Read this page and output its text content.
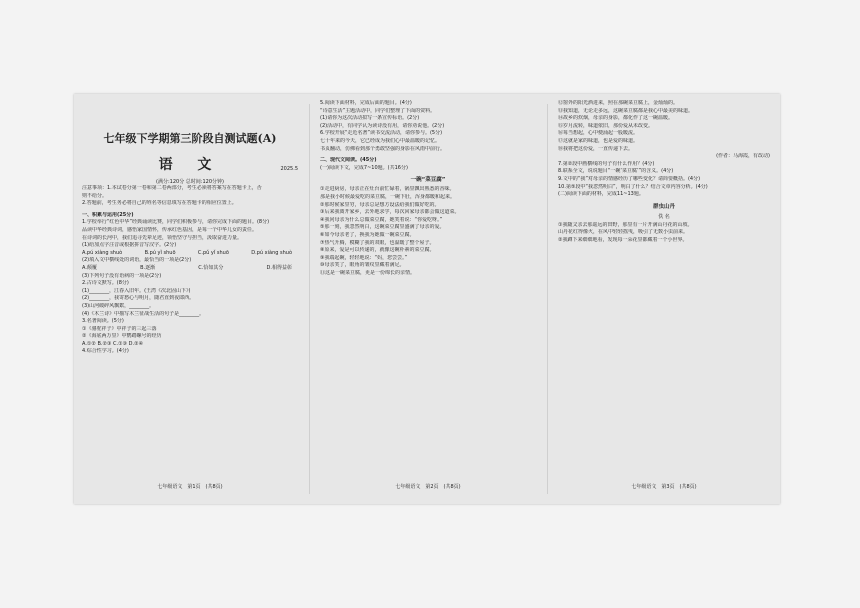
七年级下学期第三阶段自测试题(A)
语 文	2025.5
(满分:120分 总时间:120分钟)
注意事项：1.本试卷分第一卷和第二卷两部分，考生必须将答案写在答题卡上，否
则不给分。
2.答题前，考生务必将自己的姓名等信息填写在答题卡的相应位置上。
一、积累与运用(25分)
1.学校举行“红色中华”经典诵读比赛，同学们积极参与，请你完成下面的题目。(8分)
品读中华经典诗词，感悟家国情怀，传承红色基因，是每一个中华儿女的责任。
在诗词的长河中，我们追寻先辈足迹，领悟坚守与担当，汲取奋进力量。
(1)给加点字注音或根据拼音写汉字。(2分)
A.pú xiàng shuò	B.pú yǐ shuō	C.pǔ yǐ shuō	D.pú xiàng shuò
(2)填入文中横线处的词语，最恰当的一项是(2分)
A.颠覆	B.逐渐	C.恰如其分	D.相得益彰
(3)下列句子没有语病的一项是(2分)
2.古诗文默写。(8分)
(1)________，江春入旧年。(王湾《次北固山下》)
(2)________，我寄愁心与明月，随君直到夜郎西。
(3)山河破碎风飘絮，________。
(4)《木兰诗》中描写木兰征战生活的句子是________。
3.名著阅读。(5分)
①《骆驼祥子》中祥子的三起三落
②《海底两万里》中鹦鹉螺号的经历
A.①② B.②③ C.①③ D.②④
4.综合性学习。(4分)
七年级语文　第1页　(共8页)
5.阅读下面材料，完成后面的题目。(4分)
“诗意生活”主题活动中，同学们整理了下面的资料。
(1)请你为这次活动拟写一条宣传标语。(2分)
(2)活动中，有同学认为读诗没有用，请你劝说他。(2分)
6.学校开展“走近名著”读书交流活动，请你参与。(5分)
七十年来的今天，它已经成为我们心中最温暖的记忆。
书页翻动，仿佛看到那个勇敢坚强的身影在风雨中前行。
二、现代文阅读。(45分)
(一)阅读下文，完成7~10题。(共16分)
一碗“菜豆腐”
①走进厨房，母亲正在灶台前忙碌着，锅里飘出熟悉的香味。
那是我小时候最爱吃的菜豆腐，一碗下肚，浑身都暖和起来。
②那时候家里穷，母亲总是想方设法给我们做好吃的。
③后来我离开家乡，去外地求学，每次回家母亲都会做这道菜。
④我问母亲为什么总做菜豆腐，她笑着说：“你爱吃呀。”
⑤那一刻，我忽然明白，这碗菜豆腐里盛满了母亲的爱。
⑥如今母亲老了，换我为她做一碗菜豆腐。
⑦热气升腾，模糊了我的双眼，也温暖了整个屋子。
⑧原来，爱是可以传递的，就像这碗朴素的菜豆腐。
⑨我端起碗，轻轻地说：“妈，您尝尝。”
⑩母亲笑了，眼角的皱纹里藏着满足。
⑪这是一碗菜豆腐，更是一份绵长的亲情。
七年级语文　第2页　(共8页)
⑫窗外的阳光洒进来，照在那碗菜豆腐上，金灿灿的。
⑬我知道，无论走多远，这碗菜豆腐都是我心中最美的味道。
⑭故乡的炊烟，母亲的身影，都化作了这一碗温暖。
⑮岁月流转，味道依旧，那份爱从未改变。
⑯每当想起，心中便涌起一股暖流。
⑰这就是家的味道，也是爱的味道。
⑱我将把这份爱，一直传递下去。
(作者：马海霞，有改动)
7.第②段中画横线的句子有什么作用？(4分)
8.联系全文，说说题目“一碗‘菜豆腐’”的含义。(4分)
9.文中的“我”对母亲的情感经历了哪些变化？请简要概括。(4分)
10.第⑤段中“我忽然明白”，明白了什么？结合文章内容分析。(4分)
(二)阅读下面的材料，完成11~13题。
群虫山丹
佚 名
①我随父亲去那遥远的田野，那里有一片开满山丹花的山坡。
山丹花红得像火，在风中轻轻摇曳，吸引了无数小虫前来。
②我蹲下来细细地看，发现每一朵花里都藏着一个小世界。
七年级语文　第3页　(共8页)
